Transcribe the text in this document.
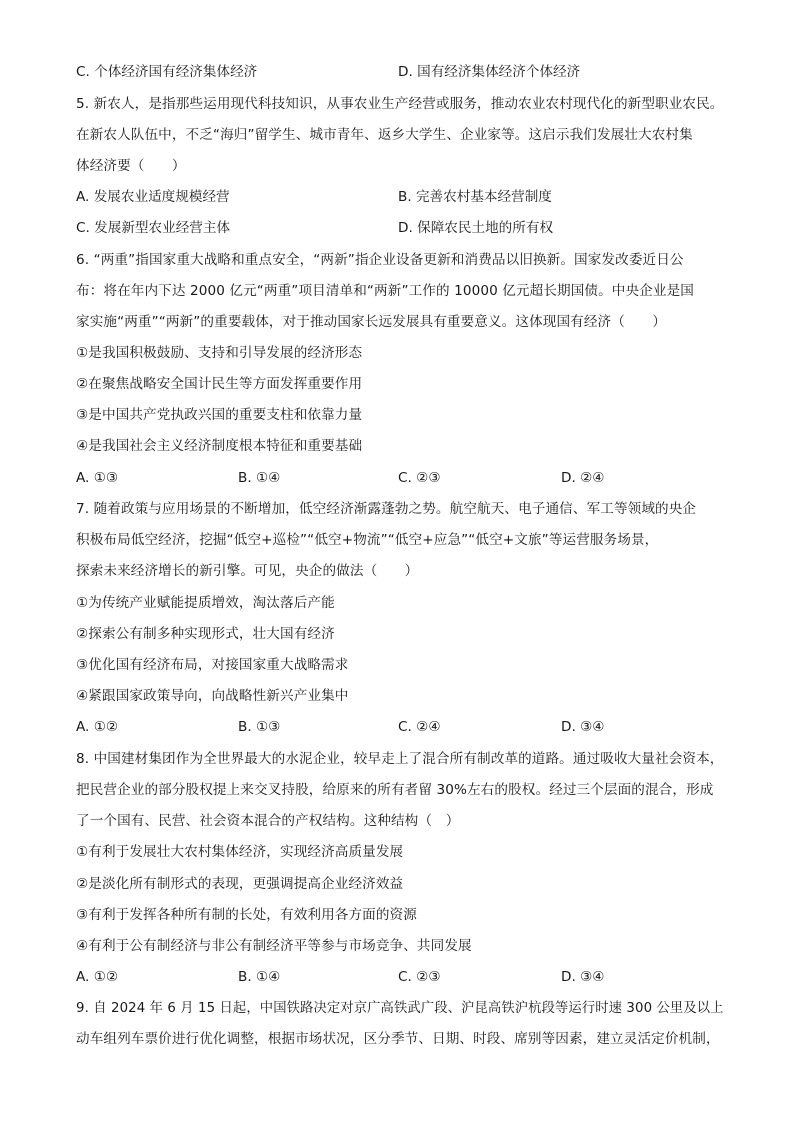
C. 个体经济国有经济集体经济	D. 国有经济集体经济个体经济
5. 新农人，是指那些运用现代科技知识，从事农业生产经营或服务，推动农业农村现代化的新型职业农民。
在新农人队伍中，不乏“海归”留学生、城市青年、返乡大学生、企业家等。这启示我们发展壮大农村集
体经济要（　　）
A. 发展农业适度规模经营	B. 完善农村基本经营制度
C. 发展新型农业经营主体	D. 保障农民土地的所有权
6. “两重”指国家重大战略和重点安全，“两新”指企业设备更新和消费品以旧换新。国家发改委近日公
布：将在年内下达 2000 亿元“两重”项目清单和“两新”工作的 10000 亿元超长期国债。中央企业是国
家实施“两重”“两新”的重要载体，对于推动国家长远发展具有重要意义。这体现国有经济（　　）
①是我国积极鼓励、支持和引导发展的经济形态
②在聚焦战略安全国计民生等方面发挥重要作用
③是中国共产党执政兴国的重要支柱和依靠力量
④是我国社会主义经济制度根本特征和重要基础
A. ①③	B. ①④	C. ②③	D. ②④
7. 随着政策与应用场景的不断增加，低空经济渐露蓬勃之势。航空航天、电子通信、军工等领域的央企
积极布局低空经济，挖掘“低空+巡检”“低空+物流”“低空+应急”“低空+文旅”等运营服务场景，
探索未来经济增长的新引擎。可见，央企的做法（　　）
①为传统产业赋能提质增效，淘汰落后产能
②探索公有制多种实现形式，壮大国有经济
③优化国有经济布局，对接国家重大战略需求
④紧跟国家政策导向，向战略性新兴产业集中
A. ①②	B. ①③	C. ②④	D. ③④
8. 中国建材集团作为全世界最大的水泥企业，较早走上了混合所有制改革的道路。通过吸收大量社会资本，
把民营企业的部分股权提上来交叉持股，给原来的所有者留 30%左右的股权。经过三个层面的混合，形成
了一个国有、民营、社会资本混合的产权结构。这种结构（　）
①有利于发展壮大农村集体经济，实现经济高质量发展
②是淡化所有制形式的表现，更强调提高企业经济效益
③有利于发挥各种所有制的长处，有效利用各方面的资源
④有利于公有制经济与非公有制经济平等参与市场竞争、共同发展
A. ①②	B. ①④	C. ②③	D. ③④
9. 自 2024 年 6 月 15 日起，中国铁路决定对京广高铁武广段、沪昆高铁沪杭段等运行时速 300 公里及以上
动车组列车票价进行优化调整，根据市场状况，区分季节、日期、时段、席别等因素，建立灵活定价机制，
